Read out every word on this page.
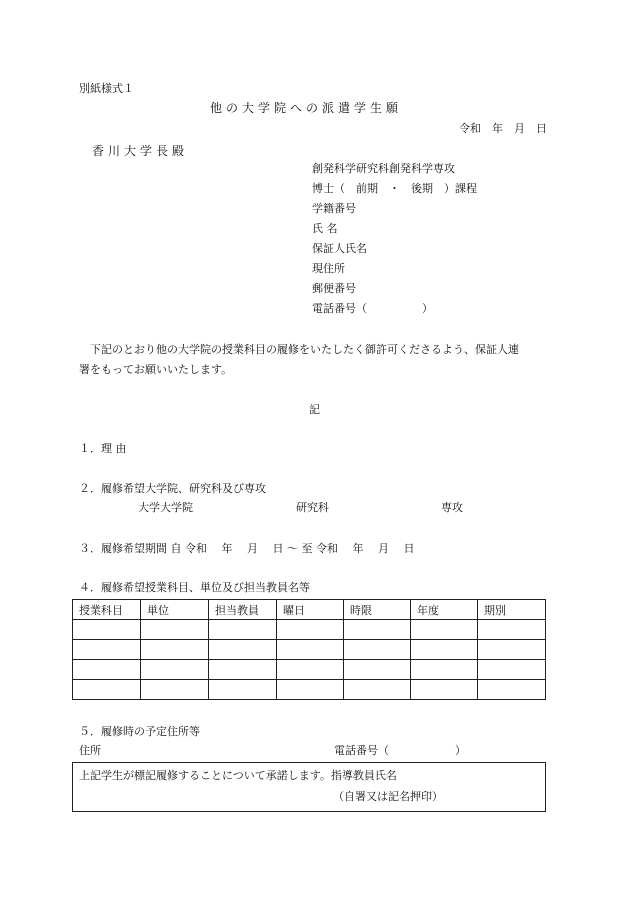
別紙様式１
他の大学院への派遣学生願
令和　年　月　日
香川大学長殿
創発科学研究科創発科学専攻
博士（　前期　・　後期　）課程
学籍番号
氏 名
保証人氏名
現住所
郵便番号
電話番号（　　　　　）
　下記のとおり他の大学院の授業科目の履修をいたしたく御許可くださるよう、保証人連
署をもってお願いいたします。
記
１．理 由
２．履修希望大学院、研究科及び専攻
大学大学院	研究科	専攻
３．履修希望期間 自 令和　 年　 月　 日 ～ 至 令和　 年　 月　 日
４．履修希望授業科目、単位及び担当教員名等
授業科目	単位	担当教員	曜日	時限	年度	期別

５．履修時の予定住所等
住所	電話番号（　　　　　　）
上記学生が標記履修することについて承諾します。指導教員氏名
（自署又は記名押印）
